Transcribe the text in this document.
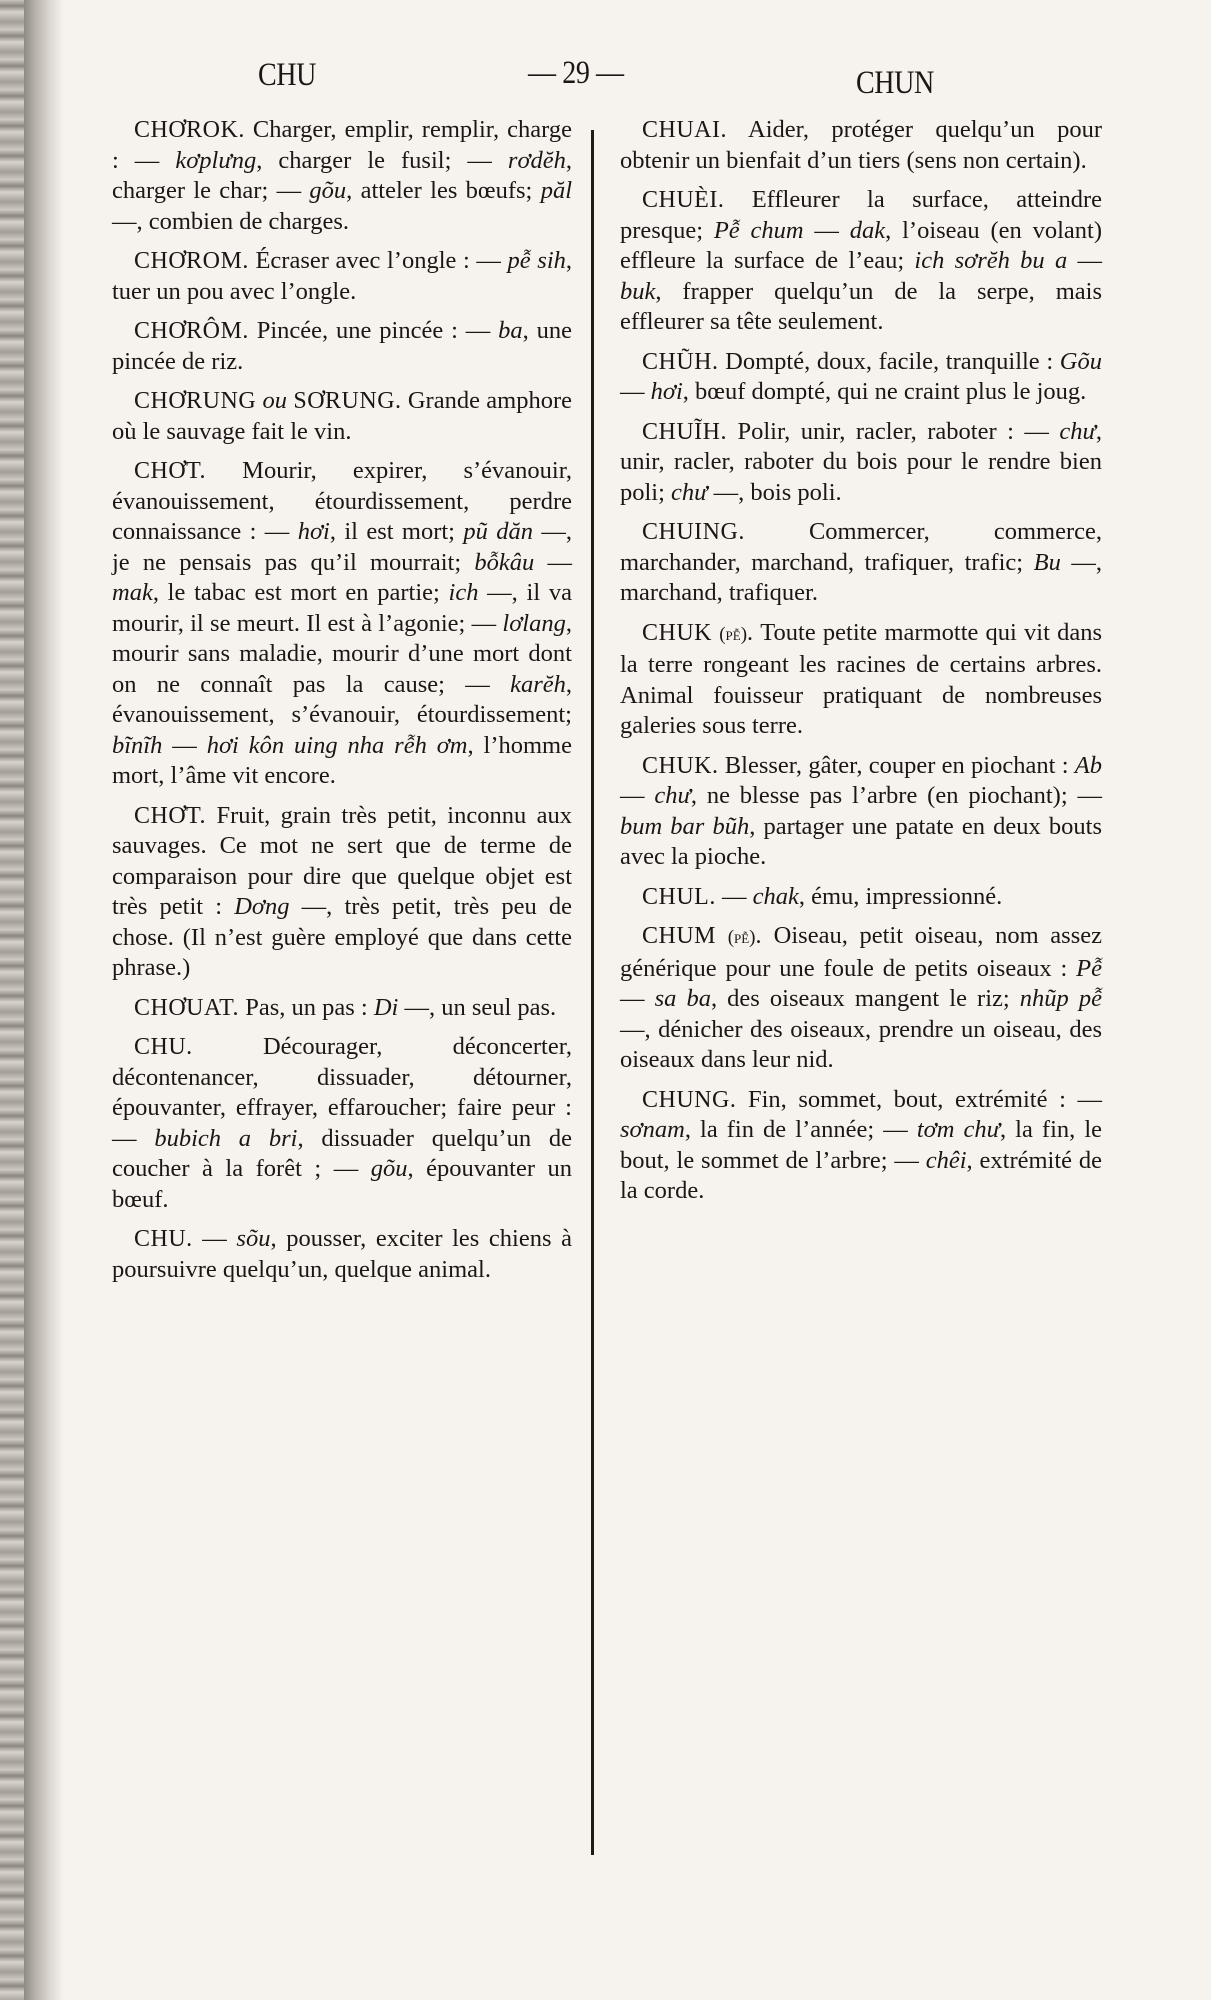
CHU	— 29 —	CHUN

CHƠROK. Charger, emplir, remplir, charge : — kơplưng, charger le fusil; — rơdĕh, charger le char; — gõu, atteler les bœufs; păl —, combien de charges.

CHƠROM. Écraser avec l’ongle : — pễ sih, tuer un pou avec l’ongle.

CHƠRÔM. Pincée, une pincée : — ba, une pincée de riz.

CHƠRUNG ou SƠRUNG. Grande amphore où le sauvage fait le vin.

CHƠT. Mourir, expirer, s’évanouir, évanouissement, étourdissement, perdre connaissance : — hơi, il est mort; pũ dăn —, je ne pensais pas qu’il mourrait; bỗkâu — mak, le tabac est mort en partie; ich —, il va mourir, il se meurt. Il est à l’agonie; — lơlang, mourir sans maladie, mourir d’une mort dont on ne connaît pas la cause; — karĕh, évanouissement, s’évanouir, étourdissement; bĩnĩh — hơi kôn uing nha rễh ơm, l’homme mort, l’âme vit encore.

CHƠT. Fruit, grain très petit, inconnu aux sauvages. Ce mot ne sert que de terme de comparaison pour dire que quelque objet est très petit : Dơng —, très petit, très peu de chose. (Il n’est guère employé que dans cette phrase.)

CHƠUAT. Pas, un pas : Di —, un seul pas.

CHU. Décourager, déconcerter, décontenancer, dissuader, détourner, épouvanter, effrayer, effaroucher; faire peur : — bubich a bri, dissuader quelqu’un de coucher à la forêt ; — gõu, épouvanter un bœuf.

CHU. — sõu, pousser, exciter les chiens à poursuivre quelqu’un, quelque animal.

CHUAI. Aider, protéger quelqu’un pour obtenir un bienfait d’un tiers (sens non certain).

CHUÈI. Effleurer la surface, atteindre presque; Pễ chum — dak, l’oiseau (en volant) effleure la surface de l’eau; ich sơrĕh bu a — buk, frapper quelqu’un de la serpe, mais effleurer sa tête seulement.

CHŨH. Dompté, doux, facile, tranquille : Gõu — hơi, bœuf dompté, qui ne craint plus le joug.

CHUĨH. Polir, unir, racler, raboter : — chư, unir, racler, raboter du bois pour le rendre bien poli; chư —, bois poli.

CHUING. Commercer, commerce, marchander, marchand, trafiquer, trafic; Bu —, marchand, trafiquer.

CHUK (pễ). Toute petite marmotte qui vit dans la terre rongeant les racines de certains arbres. Animal fouisseur pratiquant de nombreuses galeries sous terre.

CHUK. Blesser, gâter, couper en piochant : Ab — chư, ne blesse pas l’arbre (en piochant); — bum bar bũh, partager une patate en deux bouts avec la pioche.

CHUL. — chak, ému, impressionné.

CHUM (pễ). Oiseau, petit oiseau, nom assez générique pour une foule de petits oiseaux : Pễ — sa ba, des oiseaux mangent le riz; nhũp pễ —, dénicher des oiseaux, prendre un oiseau, des oiseaux dans leur nid.

CHUNG. Fin, sommet, bout, extrémité : — sơnam, la fin de l’année; — tơm chư, la fin, le bout, le sommet de l’arbre; — chêi, extrémité de la corde.
